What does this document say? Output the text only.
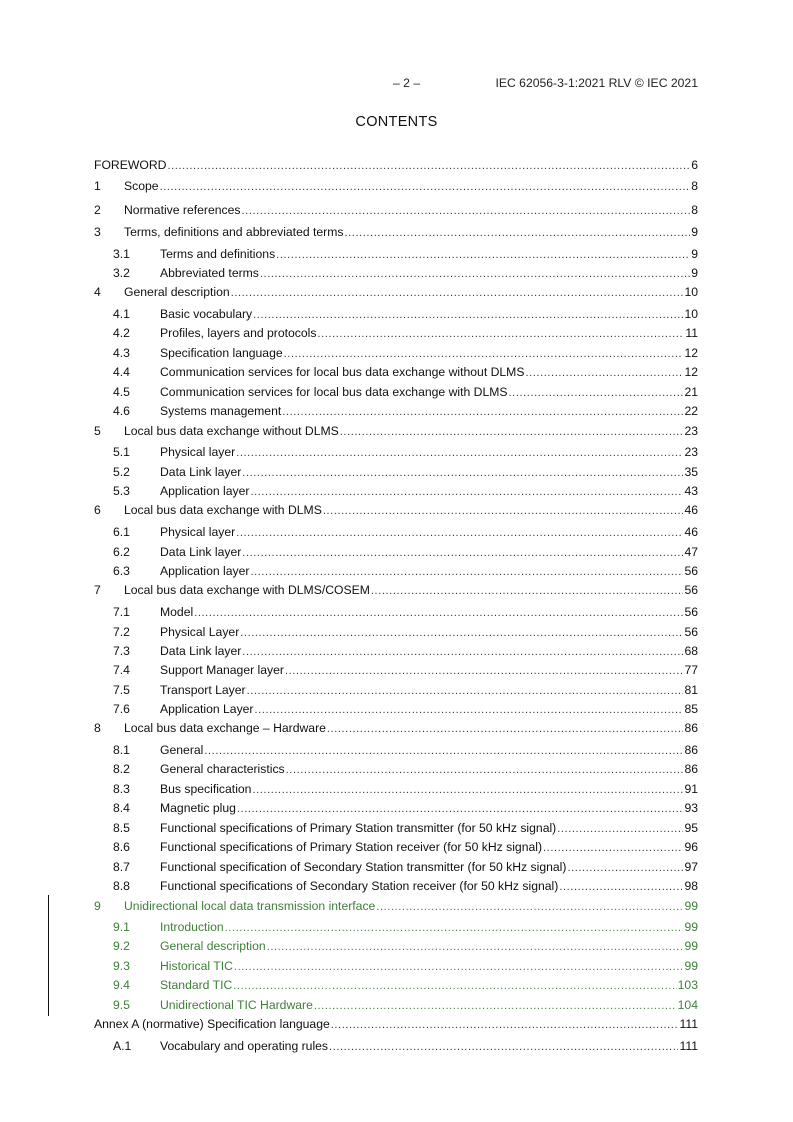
– 2 –	IEC 62056-3-1:2021 RLV © IEC 2021
CONTENTS
FOREWORD .....	6
1	Scope .....	8
2	Normative references .....	8
3	Terms, definitions and abbreviated terms .....	9
3.1	Terms and definitions .....	9
3.2	Abbreviated terms .....	9
4	General description .....	10
4.1	Basic vocabulary .....	10
4.2	Profiles, layers and protocols .....	11
4.3	Specification language .....	12
4.4	Communication services for local bus data exchange without DLMS .....	12
4.5	Communication services for local bus data exchange with DLMS .....	21
4.6	Systems management .....	22
5	Local bus data exchange without DLMS .....	23
5.1	Physical layer .....	23
5.2	Data Link layer .....	35
5.3	Application layer .....	43
6	Local bus data exchange with DLMS .....	46
6.1	Physical layer .....	46
6.2	Data Link layer .....	47
6.3	Application layer .....	56
7	Local bus data exchange with DLMS/COSEM .....	56
7.1	Model .....	56
7.2	Physical Layer .....	56
7.3	Data Link layer .....	68
7.4	Support Manager layer .....	77
7.5	Transport Layer .....	81
7.6	Application Layer .....	85
8	Local bus data exchange – Hardware .....	86
8.1	General .....	86
8.2	General characteristics .....	86
8.3	Bus specification .....	91
8.4	Magnetic plug .....	93
8.5	Functional specifications of Primary Station transmitter (for 50 kHz signal) .....	95
8.6	Functional specifications of Primary Station receiver (for 50 kHz signal) .....	96
8.7	Functional specification of Secondary Station transmitter (for 50 kHz signal) .....	97
8.8	Functional specifications of Secondary Station receiver (for 50 kHz signal) .....	98
9	Unidirectional local data transmission interface .....	99
9.1	Introduction .....	99
9.2	General description .....	99
9.3	Historical TIC .....	99
9.4	Standard TIC .....	103
9.5	Unidirectional TIC Hardware .....	104
Annex A (normative) Specification language .....	111
A.1	Vocabulary and operating rules .....	111
